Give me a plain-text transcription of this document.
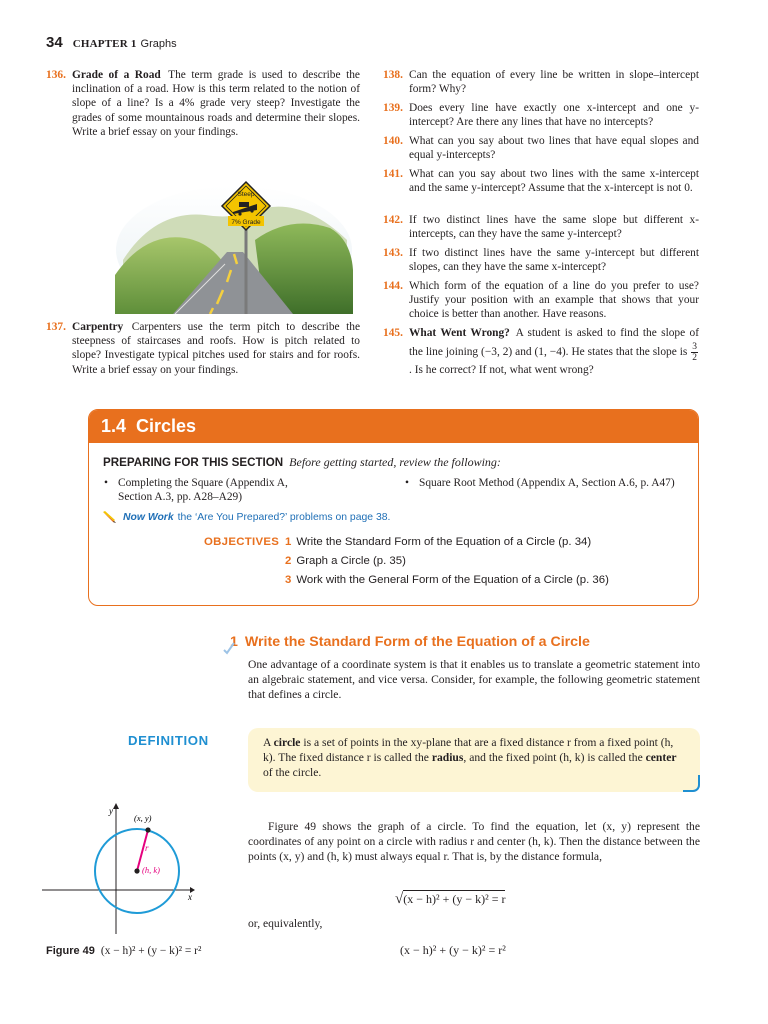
34 CHAPTER 1 Graphs
136. Grade of a Road The term grade is used to describe the inclination of a road. How is this term related to the notion of slope of a line? Is a 4% grade very steep? Investigate the grades of some mountainous roads and determine their slopes. Write a brief essay on your findings.
Steep
7% Grade
137. Carpentry Carpenters use the term pitch to describe the steepness of staircases and roofs. How is pitch related to slope? Investigate typical pitches used for stairs and for roofs. Write a brief essay on your findings.
138. Can the equation of every line be written in slope–intercept form? Why?
139. Does every line have exactly one x-intercept and one y-intercept? Are there any lines that have no intercepts?
140. What can you say about two lines that have equal slopes and equal y-intercepts?
141. What can you say about two lines with the same x-intercept and the same y-intercept? Assume that the x-intercept is not 0.
142. If two distinct lines have the same slope but different x-intercepts, can they have the same y-intercept?
143. If two distinct lines have the same y-intercept but different slopes, can they have the same x-intercept?
144. Which form of the equation of a line do you prefer to use? Justify your position with an example that shows that your choice is better than another. Have reasons.
145. What Went Wrong? A student is asked to find the slope of the line joining (−3, 2) and (1, −4). He states that the slope is $\frac{3}{2}$
. Is he correct? If not, what went wrong?
1.4 Circles
PREPARING FOR THIS SECTION Before getting started, review the following:
• Completing the Square (Appendix A, Section A.3, pp. A28–A29)
• Square Root Method (Appendix A, Section A.6, p. A47)
Now Work the ‘Are You Prepared?’ problems on page 38.
OBJECTIVES 1 Write the Standard Form of the Equation of a Circle (p. 34)
2 Graph a Circle (p. 35)
3 Work with the General Form of the Equation of a Circle (p. 36)
1 Write the Standard Form of the Equation of a Circle
One advantage of a coordinate system is that it enables us to translate a geometric statement into an algebraic statement, and vice versa. Consider, for example, the following geometric statement that defines a circle.
DEFINITION	A circle is a set of points in the xy-plane that are a fixed distance r from a fixed point (h, k). The fixed distance r is called the radius, and the fixed point (h, k) is called the center of the circle.
y
x
(x, y)
r
(h, k)
Figure 49 (x − h)² + (y − k)² = r²
Figure 49 shows the graph of a circle. To find the equation, let (x, y) represent the coordinates of any point on a circle with radius r and center (h, k). Then the distance between the points (x, y) and (h, k) must always equal r. That is, by the distance formula,
√(x − h)² + (y − k)² = r
or, equivalently,
(x − h)² + (y − k)² = r²
